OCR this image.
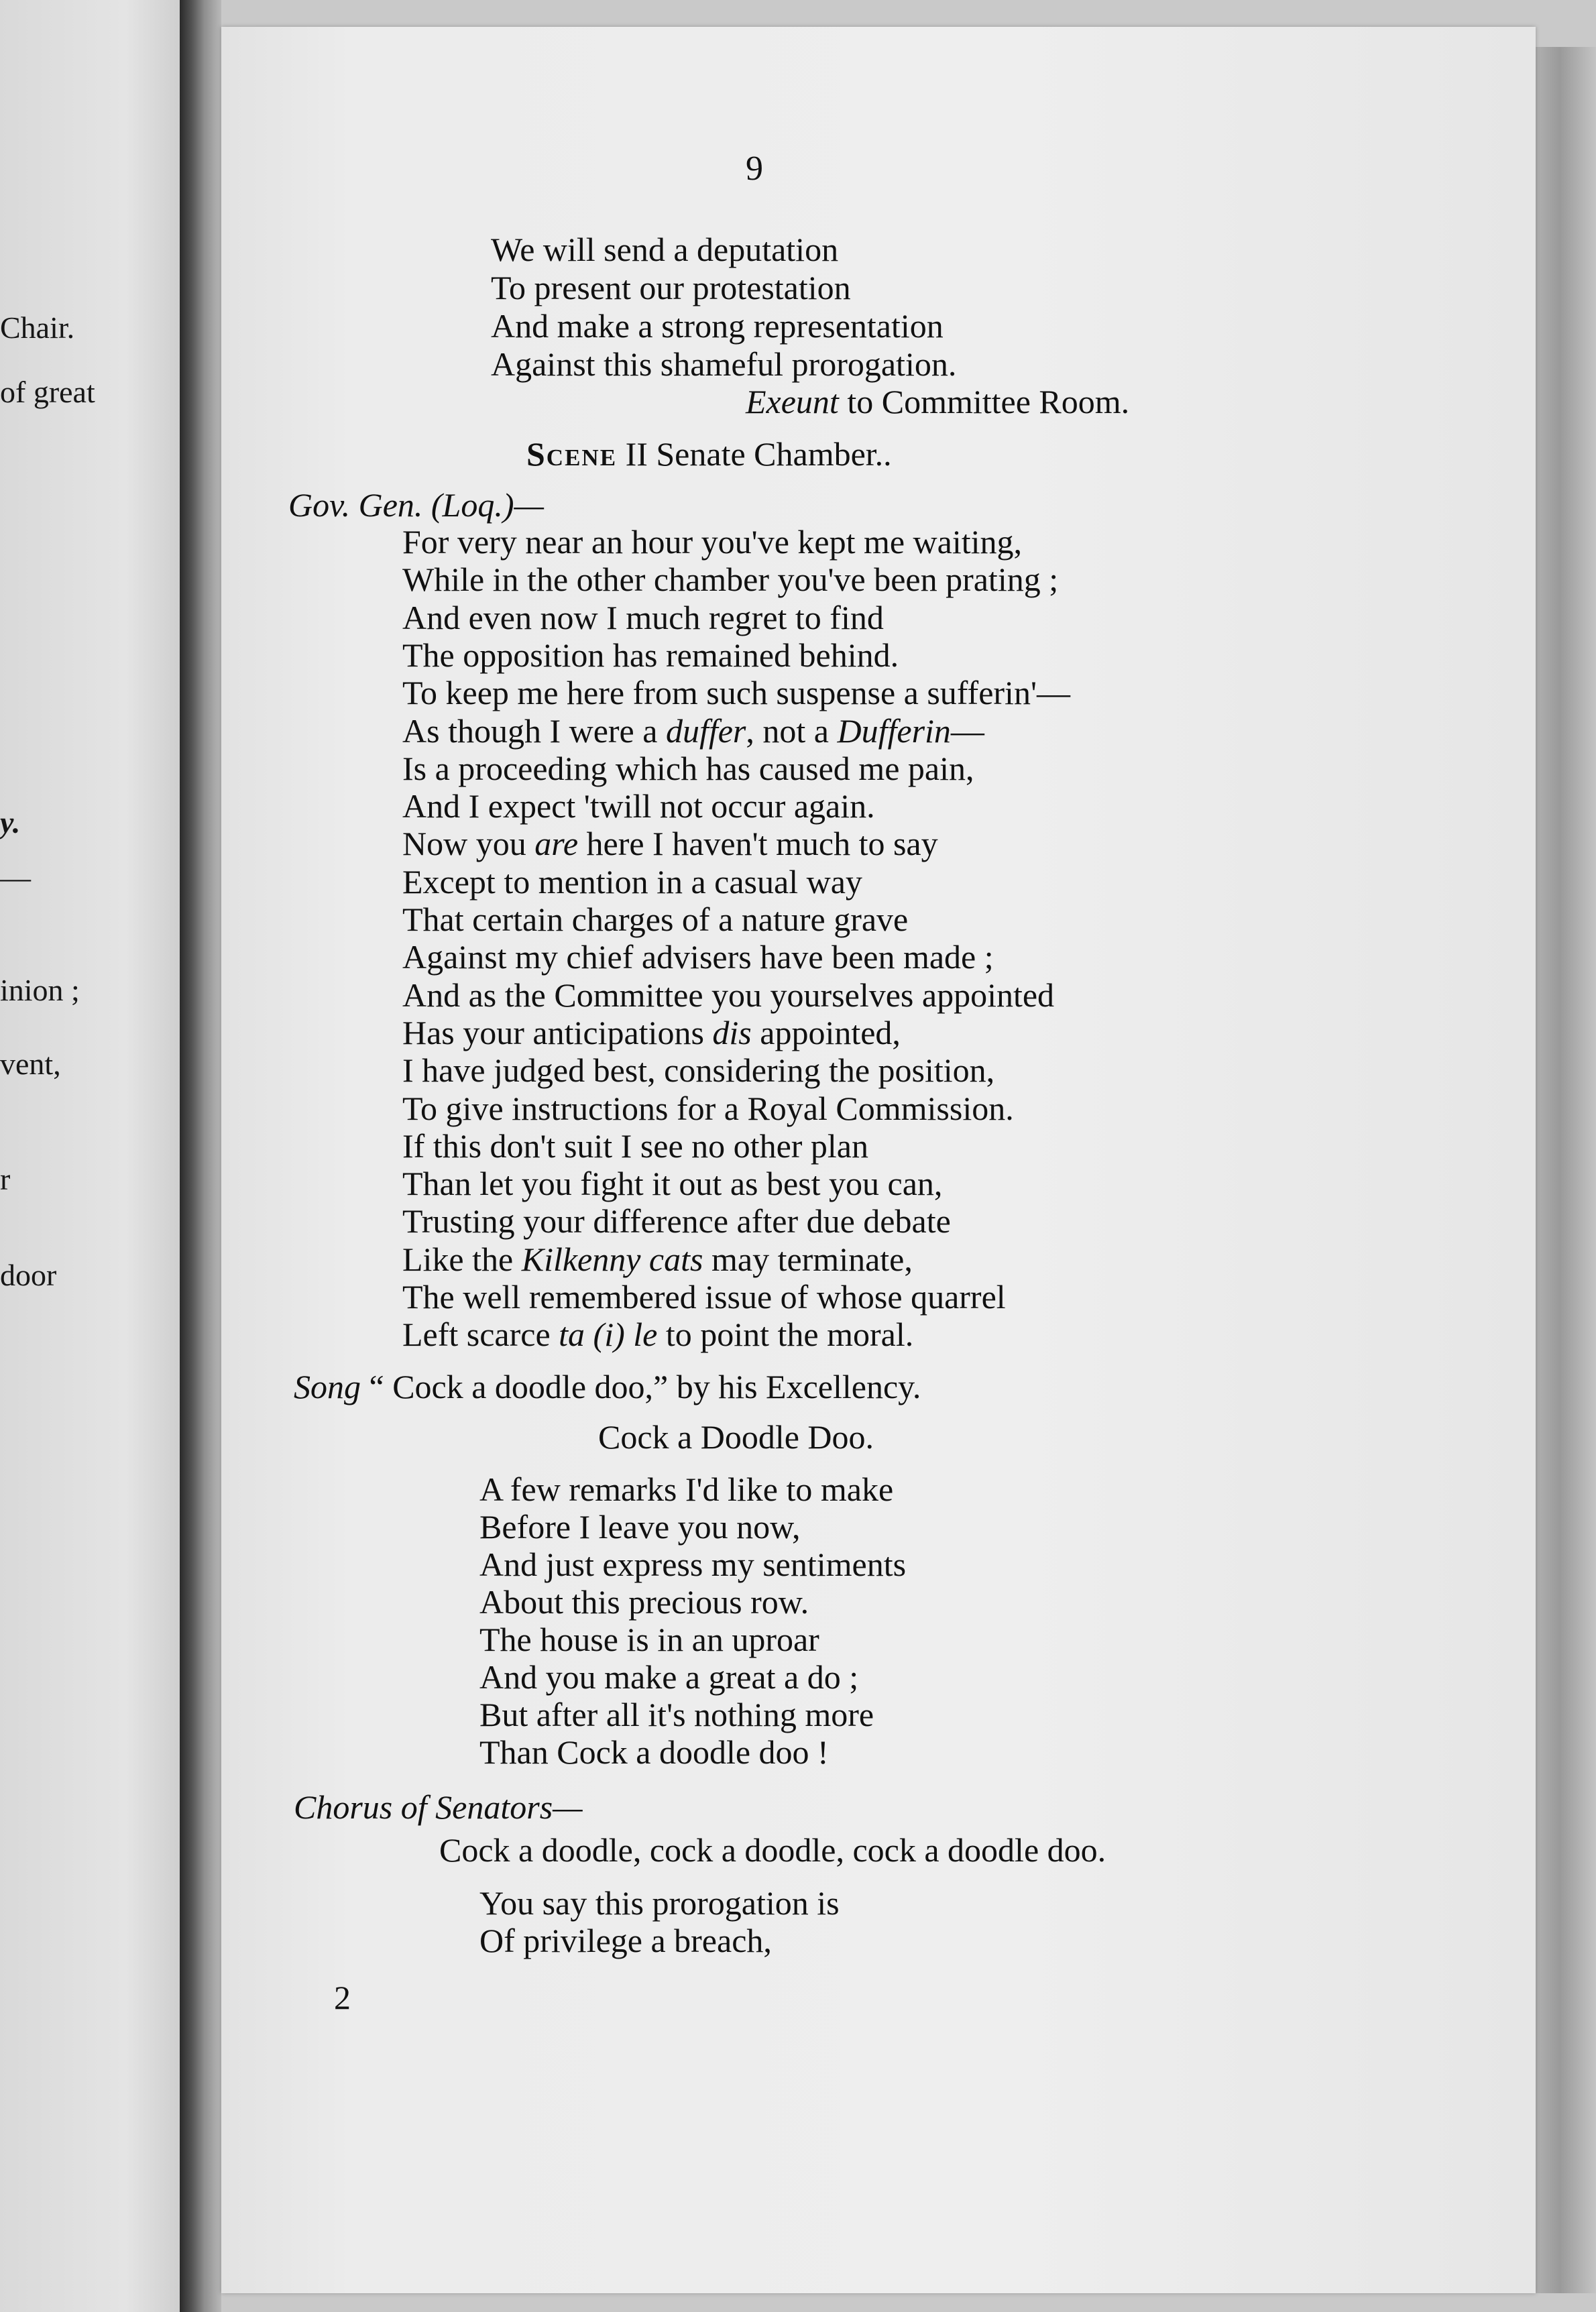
Chair.
of great
y.
—
inion ;
vent,
r
door
9
We will send a deputation
To present our protestation
And make a strong representation
Against this shameful prorogation.
Exeunt to Committee Room.
Scene II Senate Chamber..
Gov. Gen. (Loq.)—
For very near an hour you've kept me waiting,
While in the other chamber you've been prating ;
And even now I much regret to find
The opposition has remained behind.
To keep me here from such suspense a sufferin'—
As though I were a duffer, not a Dufferin—
Is a proceeding which has caused me pain,
And I expect 'twill not occur again.
Now you are here I haven't much to say
Except to mention in a casual way
That certain charges of a nature grave
Against my chief advisers have been made ;
And as the Committee you yourselves appointed
Has your anticipations dis appointed,
I have judged best, considering the position,
To give instructions for a Royal Commission.
If this don't suit I see no other plan
Than let you fight it out as best you can,
Trusting your difference after due debate
Like the Kilkenny cats may terminate,
The well remembered issue of whose quarrel
Left scarce ta (i) le to point the moral.
Song “ Cock a doodle doo,” by his Excellency.
Cock a Doodle Doo.
A few remarks I'd like to make
Before I leave you now,
And just express my sentiments
About this precious row.
The house is in an uproar
And you make a great a do ;
But after all it's nothing more
Than Cock a doodle doo !
Chorus of Senators—
Cock a doodle, cock a doodle, cock a doodle doo.
You say this prorogation is
Of privilege a breach,
2
